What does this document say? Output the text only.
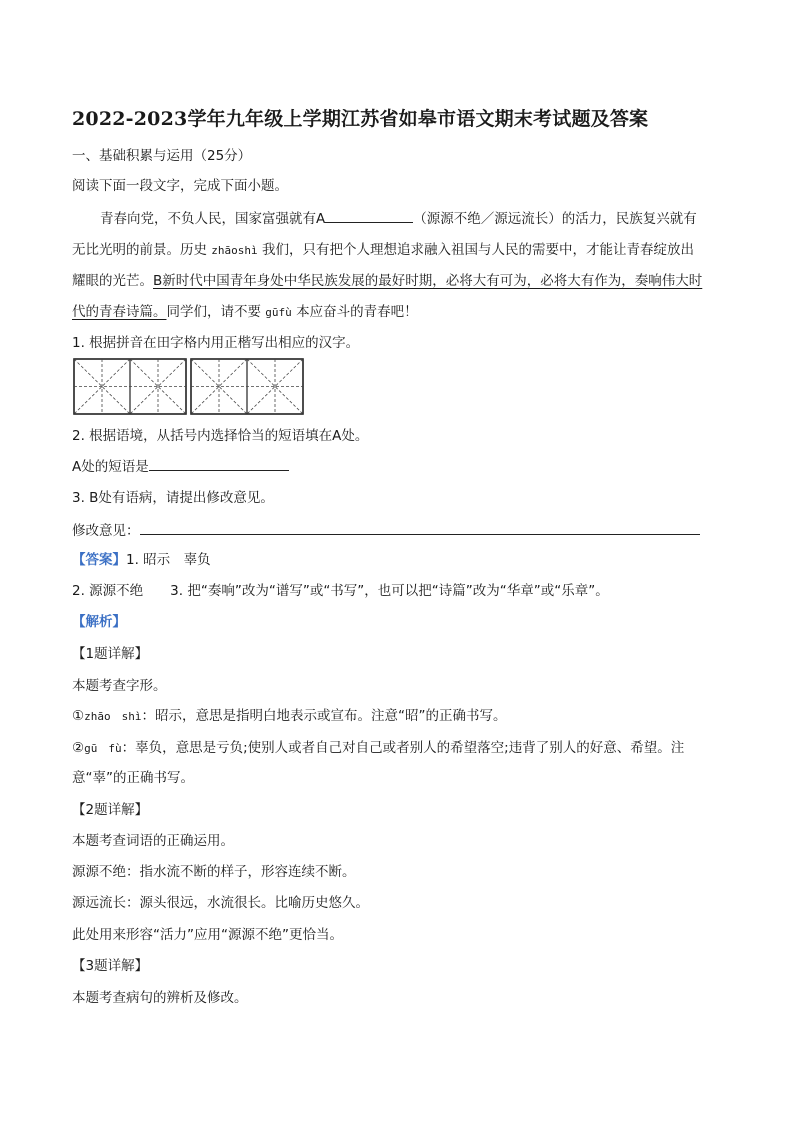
2022-2023学年九年级上学期江苏省如皋市语文期末考试题及答案
一、基础积累与运用（25分）
阅读下面一段文字，完成下面小题。
青春向党，不负人民，国家富强就有A	（源源不绝／源远流长）的活力，民族复兴就有
无比光明的前景。历史 zhāoshì 我们，只有把个人理想追求融入祖国与人民的需要中，才能让青春绽放出
耀眼的光芒。B新时代中国青年身处中华民族发展的最好时期，必将大有可为，必将大有作为，奏响伟大时
代的青春诗篇。同学们，请不要 gūfù 本应奋斗的青春吧！
1. 根据拼音在田字格内用正楷写出相应的汉字。
2. 根据语境，从括号内选择恰当的短语填在A处。
A处的短语是
3. B处有语病，请提出修改意见。
修改意见：
【答案】1. 昭示　辜负
2. 源源不绝　　3. 把“奏响”改为“谱写”或“书写”，也可以把“诗篇”改为“华章”或“乐章”。
【解析】
【1题详解】
本题考查字形。
①zhāo　shì：昭示，意思是指明白地表示或宣布。注意“昭”的正确书写。
②gū　fù：辜负，意思是亏负;使别人或者自己对自己或者别人的希望落空;违背了别人的好意、希望。注
意“辜”的正确书写。
【2题详解】
本题考查词语的正确运用。
源源不绝：指水流不断的样子，形容连续不断。
源远流长：源头很远，水流很长。比喻历史悠久。
此处用来形容“活力”应用“源源不绝”更恰当。
【3题详解】
本题考查病句的辨析及修改。
